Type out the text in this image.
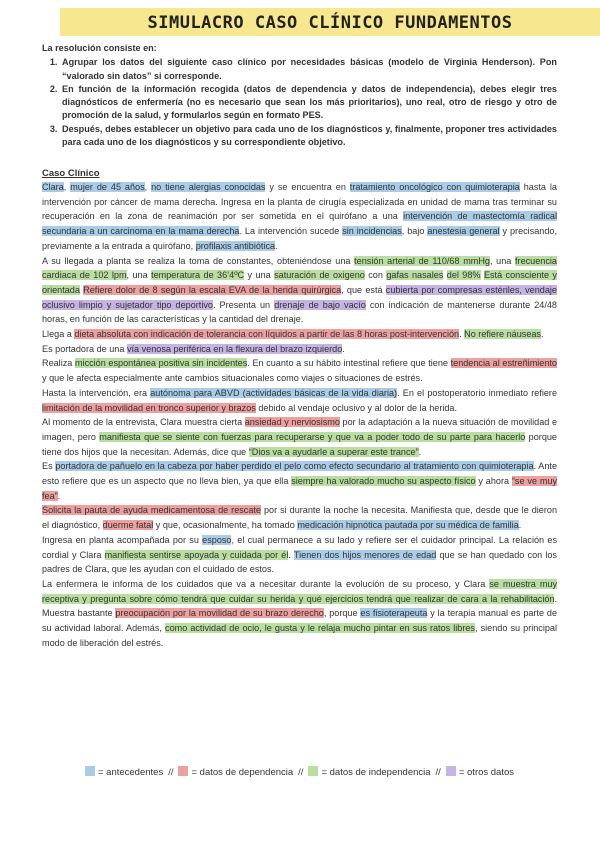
SIMULACRO CASO CLÍNICO FUNDAMENTOS

La resolución consiste en:

1. Agrupar los datos del siguiente caso clínico por necesidades básicas (modelo de Virginia Henderson). Pon “valorado sin datos” si corresponde.
2. En función de la información recogida (datos de dependencia y datos de independencia), debes elegir tres diagnósticos de enfermería (no es necesario que sean los más prioritarios), uno real, otro de riesgo y otro de promoción de la salud, y formularlos según en formato PES.
3. Después, debes establecer un objetivo para cada uno de los diagnósticos y, finalmente, proponer tres actividades para cada uno de los diagnósticos y su correspondiente objetivo.
Caso Clínico

Clara, mujer de 45 años, no tiene alergias conocidas y se encuentra en tratamiento oncológico con quimioterapia hasta la intervención por cáncer de mama derecha. Ingresa en la planta de cirugía especializada en unidad de mama tras terminar su recuperación en la zona de reanimación por ser sometida en el quirófano a una intervención de mastectomía radical secundaria a un carcinoma en la mama derecha. La intervención sucede sin incidencias, bajo anestesia general y precisando, previamente a la entrada a quirófano, profilaxis antibiótica.

A su llegada a planta se realiza la toma de constantes, obteniéndose una tensión arterial de 110/68 mmHg, una frecuencia cardiaca de 102 lpm, una temperatura de 36’4ºC y una saturación de oxigeno con gafas nasales del 98% Está consciente y orientada Refiere dolor de 8 según la escala EVA de la herida quirúrgica, que está cubierta por compresas estériles, vendaje oclusivo limpio y sujetador tipo deportivo. Presenta un drenaje de bajo vacío con indicación de mantenerse durante 24/48 horas, en función de las características y la cantidad del drenaje.

Llega a dieta absoluta con indicación de tolerancia con líquidos a partir de las 8 horas post-intervención. No refiere náuseas.

Es portadora de una vía venosa periférica en la flexura del brazo izquierdo.

Realiza micción espontánea positiva sin incidentes. En cuanto a su hábito intestinal refiere que tiene tendencia al estreñimiento y que le afecta especialmente ante cambios situacionales como viajes o situaciones de estrés.

Hasta la intervención, era autónoma para ABVD (actividades básicas de la vida diaria). En el postoperatorio inmediato refiere limitación de la movilidad en tronco superior y brazos debido al vendaje oclusivo y al dolor de la herida.

Al momento de la entrevista, Clara muestra cierta ansiedad y nerviosismo por la adaptación a la nueva situación de movilidad e imagen, pero manifiesta que se siente con fuerzas para recuperarse y que va a poder todo de su parte para hacerlo porque tiene dos hijos que la necesitan. Además, dice que “Dios va a ayudarle a superar este trance”.

Es portadora de pañuelo en la cabeza por haber perdido el pelo como efecto secundario al tratamiento con quimioterapia. Ante esto refiere que es un aspecto que no lleva bien, ya que ella siempre ha valorado mucho su aspecto físico y ahora “se ve muy fea”.

Solicita la pauta de ayuda medicamentosa de rescate por si durante la noche la necesita. Manifiesta que, desde que le dieron el diagnóstico, duerme fatal y que, ocasionalmente, ha tomado medicación hipnótica pautada por su médica de familia.

Ingresa en planta acompañada por su esposo, el cual permanece a su lado y refiere ser el cuidador principal. La relación es cordial y Clara manifiesta sentirse apoyada y cuidada por él. Tienen dos hijos menores de edad que se han quedado con los padres de Clara, que les ayudan con el cuidado de estos.

La enfermera le informa de los cuidados que va a necesitar durante la evolución de su proceso, y Clara se muestra muy receptiva y pregunta sobre cómo tendrá que cuidar su herida y qué ejercicios tendrá que realizar de cara a la rehabilitación. Muestra bastante preocupación por la movilidad de su brazo derecho, porque es fisioterapeuta y la terapia manual es parte de su actividad laboral. Además, como actividad de ocio, le gusta y le relaja mucho pintar en sus ratos libres, siendo su principal modo de liberación del estrés.

= antecedentes // = datos de dependencia // = datos de independencia // = otros datos
